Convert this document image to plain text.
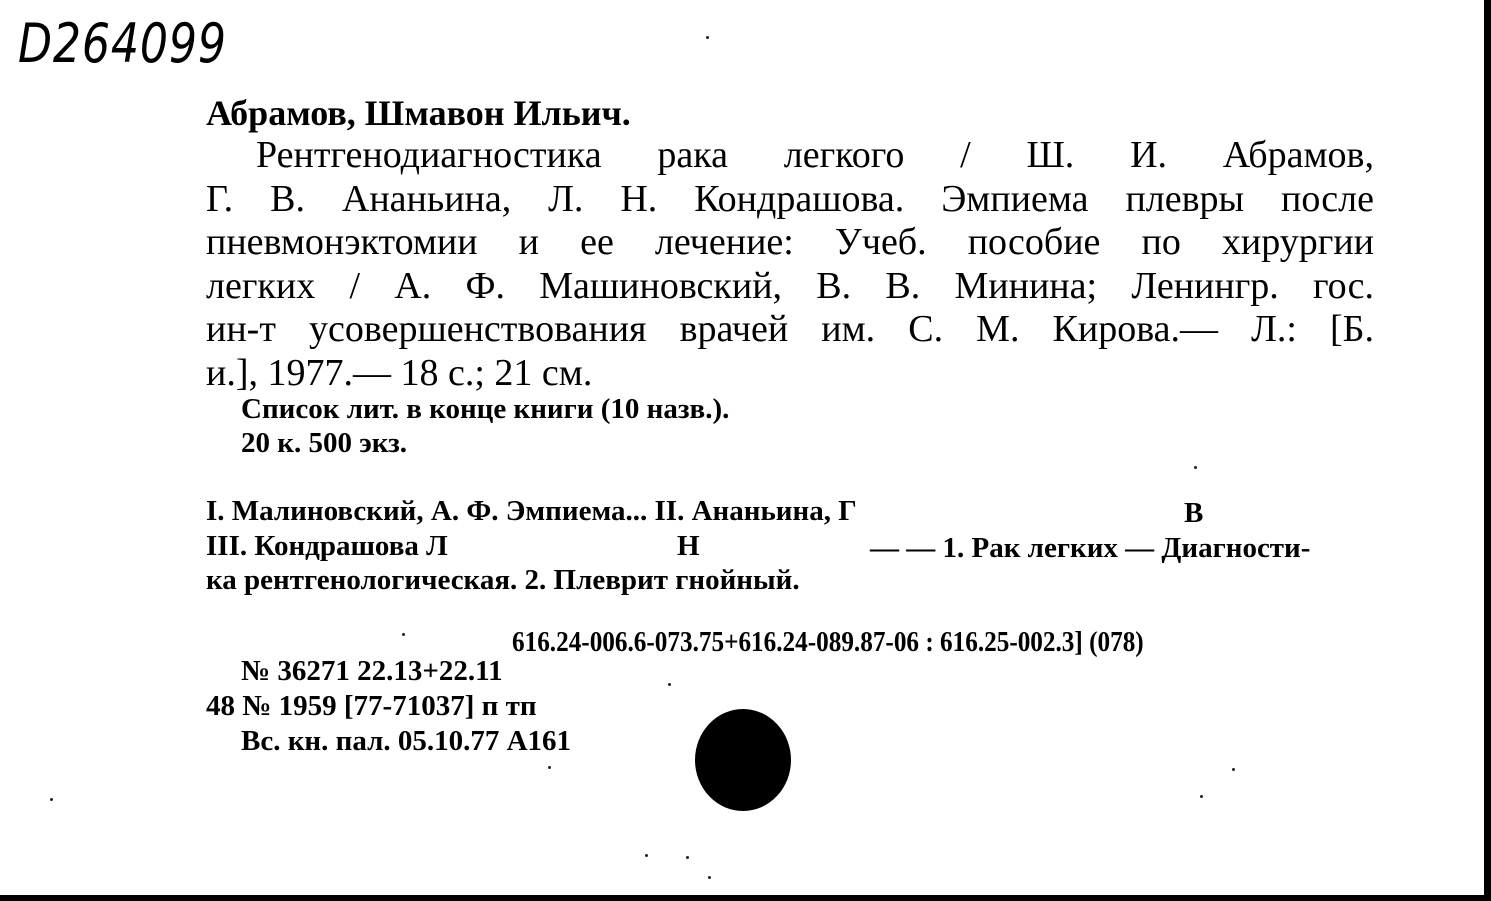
D264099
Абрамов, Шмавон Ильич.
Рентгенодиагностика рака легкого / Ш. И. Абрамов,
Г. В. Ананьина, Л. Н. Кондрашова. Эмпиема плевры после
пневмонэктомии и ее лечение: Учеб. пособие по хирургии
легких / А. Ф. Машиновский, В. В. Минина; Ленингр. гос.
ин-т усовершенствования врачей им. С. М. Кирова.— Л.: [Б.
и.], 1977.— 18 с.; 21 см.
Список лит. в конце книги (10 назв.).
20 к. 500 экз.
I. Малиновский, А. Ф. Эмпиема... II. Ананьина, Г	В
III. Кондрашова Л	Н	— — 1. Рак легких — Диагности-
ка рентгенологическая. 2. Плеврит гнойный.
616.24-006.6-073.75+616.24-089.87-06 : 616.25-002.3] (078)
№ 36271 22.13+22.11
48 № 1959 [77-71037] п тп
Вс. кн. пал. 05.10.77 А161
